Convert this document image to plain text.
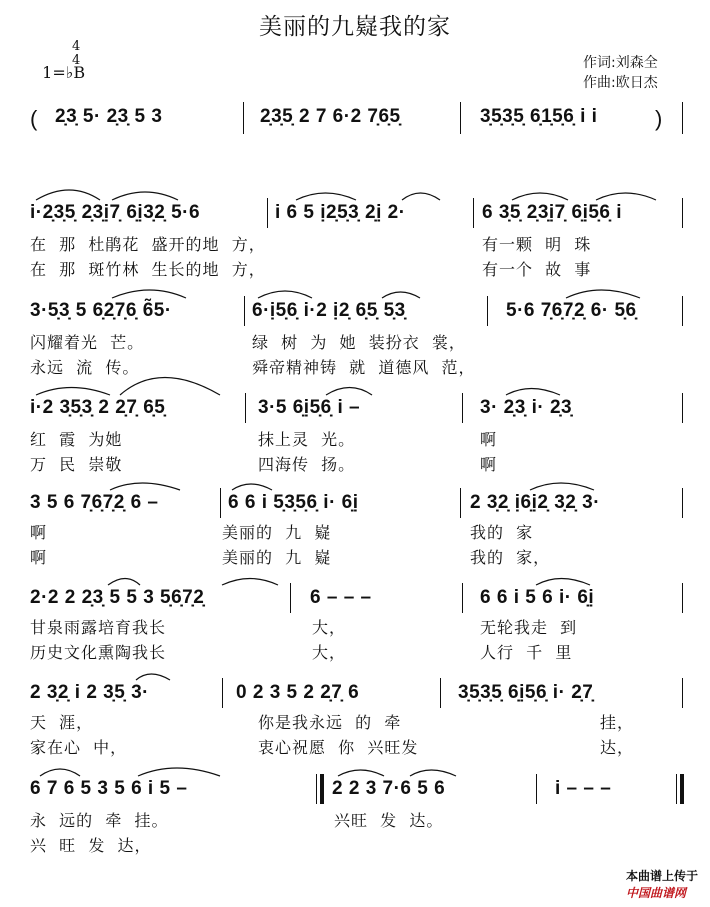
美丽的九嶷我的家

1=♭B

4
4	作词:刘森全
作曲:欧日杰
( 2̣3̣ 5· 2̣3̣ 5 3	2̣3̣5̣ 2 7 6·2 7̣6̣5̣	3̣5̣3̣5̣ 6̣1̣5̣6̣ i i	)
i·2̣3̣5̣ 2̣3̣ị7̣ 6̣ị3̣2̣ 5·6	i 6 5 ị2̣5̣3̣ 2̣ị 2·	6 3̣5̣ 2̣3̣ị7̣ 6̣ị5̣6̣ i
在  那  杜鹃花  盛开的地  方，	有一颗  明  珠
在  那  斑竹林  生长的地  方，	有一个  故  事
3·5̣3̣ 5 6̣2̣7̣6̣ 6̃5·	6·ị5̣6̣ i·2 ị2̣ 6̣5̣ 5̣3̣	5·6 7̣6̣7̣2̣ 6· 5̣6̣
闪耀着光  芒。	绿  树  为  她  装扮衣  裳，
永远  流  传。	舜帝精神铸  就  道德风  范，
i·2 3̣5̣3̣ 2 2̣7̣ 6̣5̣	3·5 6̣ị5̣6̣ i –	3· 2̣3̣ i· 2̣3̣
红  霞  为她	抹上灵  光。	啊
万  民  崇敬	四海传  扬。	啊
3 5 6 7̣6̣7̣2̣ 6 –	6 6 i 5̣3̣5̣6̣ i· 6̣ị	2 3̣2̣ ị6̣ị2̣ 3̣2̣ 3·
啊	美丽的  九  嶷	我的  家
啊	美丽的  九  嶷	我的  家，
2·2 2 2̣3̣ 5 5 3 5̣6̣7̣2̣	6 – – –	6 6 i 5 6 i· 6̣ị
甘泉雨露培育我长	大，	无轮我走  到
历史文化熏陶我长	大，	人行  千  里
2 3̣2̣ i 2 3̣5̣ 3·	0 2 3 5 2 2̣7̣ 6	3̣5̣3̣5̣ 6̣ị5̣6̣ i· 2̣7̣
天  涯，	你是我永远  的  牵	挂，
家在心  中，	衷心祝愿  你  兴旺发	达，
6 7 6 5 3 5 6 i 5 –	2 2 3 7·6 5 6	i – – –
永  远的  牵  挂。	兴旺  发  达。
兴  旺  发  达，

本曲谱上传于
中国曲谱网
